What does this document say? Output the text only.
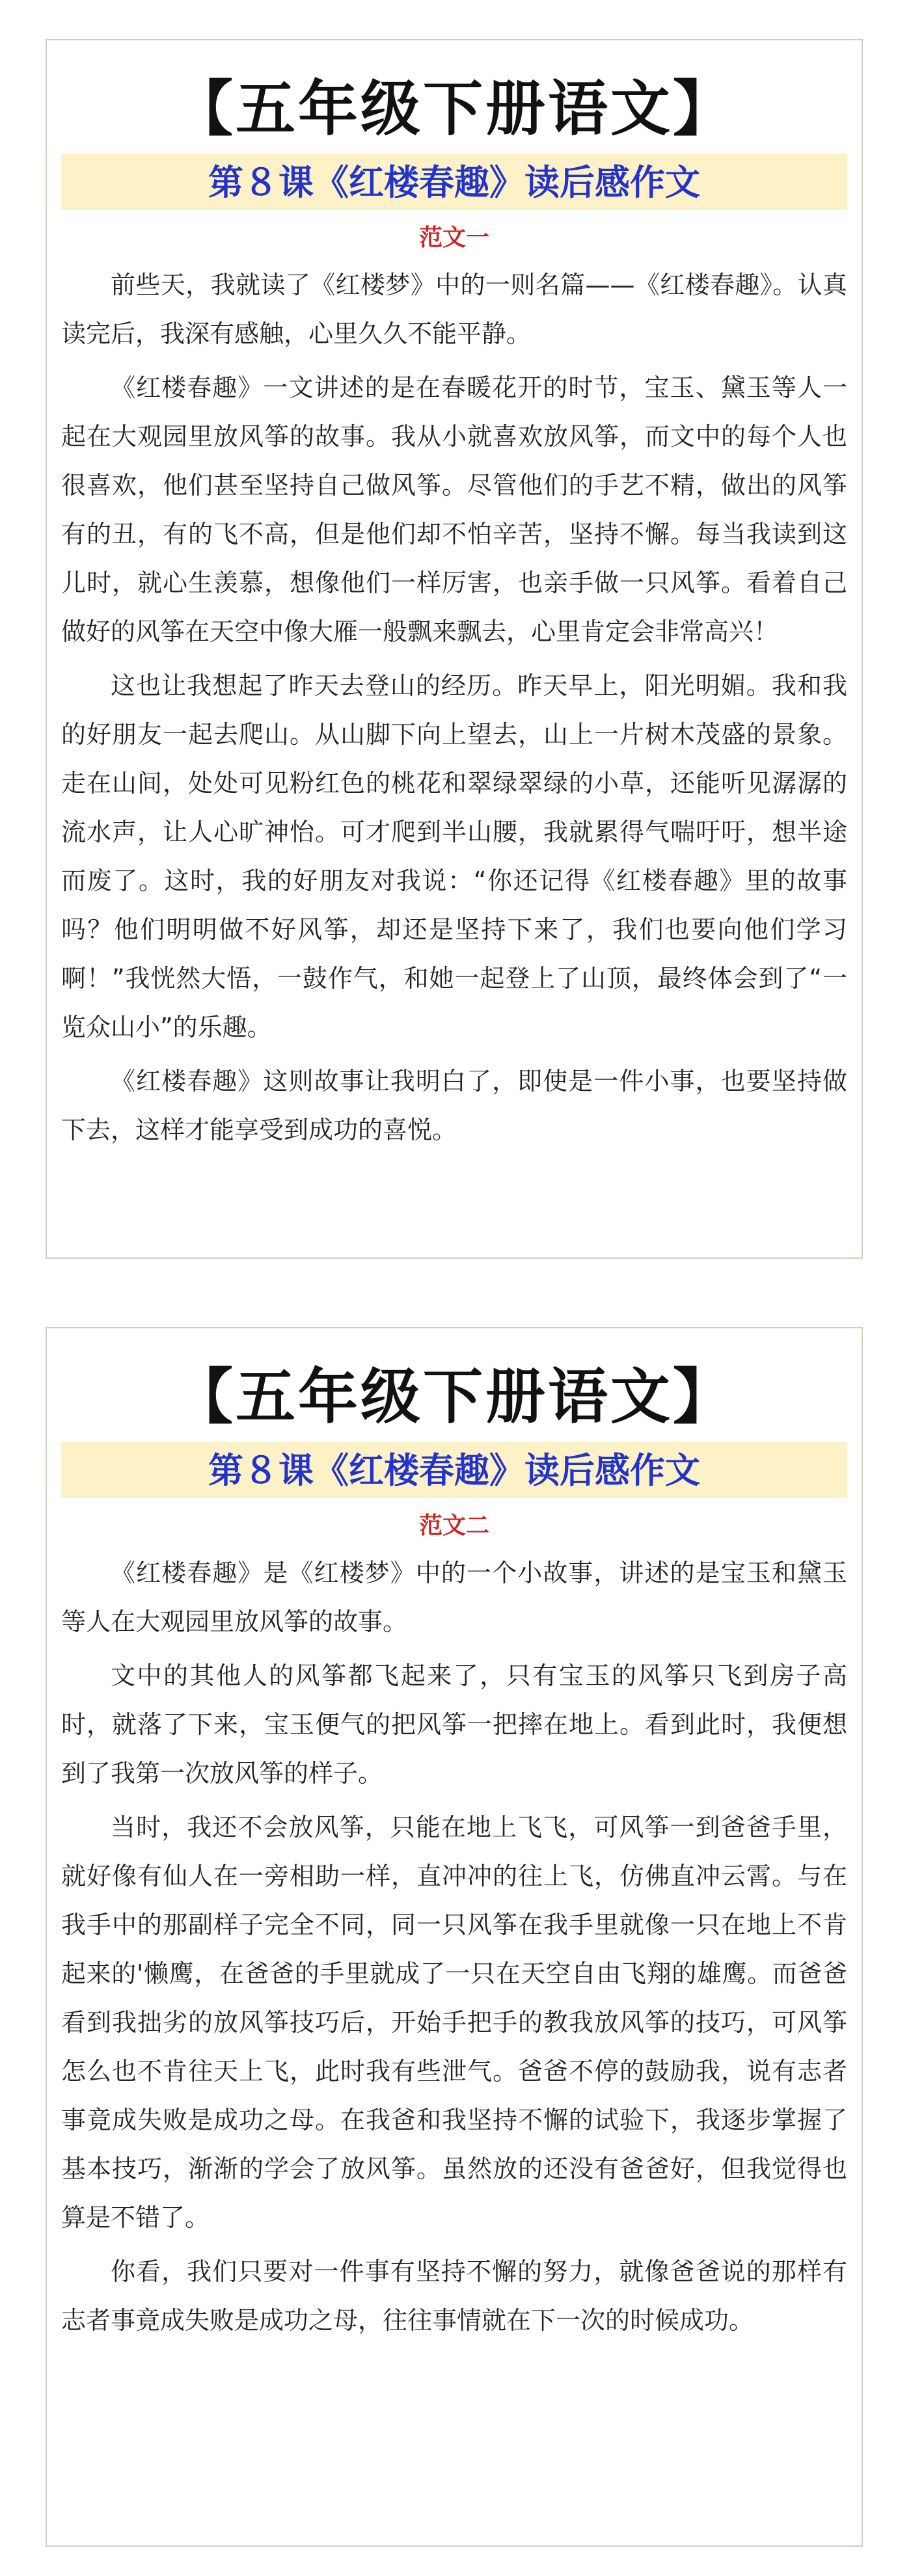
【五年级下册语文】
第８课《红楼春趣》读后感作文
范文一

前些天，我就读了《红楼梦》中的一则名篇——《红楼春趣》。认真读完后，我深有感触，心里久久不能平静。

《红楼春趣》一文讲述的是在春暖花开的时节，宝玉、黛玉等人一起在大观园里放风筝的故事。我从小就喜欢放风筝，而文中的每个人也很喜欢，他们甚至坚持自己做风筝。尽管他们的手艺不精，做出的风筝有的丑，有的飞不高，但是他们却不怕辛苦，坚持不懈。每当我读到这儿时，就心生羡慕，想像他们一样厉害，也亲手做一只风筝。看着自己做好的风筝在天空中像大雁一般飘来飘去，心里肯定会非常高兴！

这也让我想起了昨天去登山的经历。昨天早上，阳光明媚。我和我的好朋友一起去爬山。从山脚下向上望去，山上一片树木茂盛的景象。走在山间，处处可见粉红色的桃花和翠绿翠绿的小草，还能听见潺潺的流水声，让人心旷神怡。可才爬到半山腰，我就累得气喘吁吁，想半途而废了。这时，我的好朋友对我说：“你还记得《红楼春趣》里的故事吗？他们明明做不好风筝，却还是坚持下来了，我们也要向他们学习啊！”我恍然大悟，一鼓作气，和她一起登上了山顶，最终体会到了“一览众山小”的乐趣。

《红楼春趣》这则故事让我明白了，即使是一件小事，也要坚持做下去，这样才能享受到成功的喜悦。

【五年级下册语文】
第８课《红楼春趣》读后感作文
范文二

《红楼春趣》是《红楼梦》中的一个小故事，讲述的是宝玉和黛玉等人在大观园里放风筝的故事。

文中的其他人的风筝都飞起来了，只有宝玉的风筝只飞到房子高时，就落了下来，宝玉便气的把风筝一把摔在地上。看到此时，我便想到了我第一次放风筝的样子。

当时，我还不会放风筝，只能在地上飞飞，可风筝一到爸爸手里，就好像有仙人在一旁相助一样，直冲冲的往上飞，仿佛直冲云霄。与在我手中的那副样子完全不同，同一只风筝在我手里就像一只在地上不肯起来的'懒鹰，在爸爸的手里就成了一只在天空自由飞翔的雄鹰。而爸爸看到我拙劣的放风筝技巧后，开始手把手的教我放风筝的技巧，可风筝怎么也不肯往天上飞，此时我有些泄气。爸爸不停的鼓励我，说有志者事竟成失败是成功之母。在我爸和我坚持不懈的试验下，我逐步掌握了基本技巧，渐渐的学会了放风筝。虽然放的还没有爸爸好，但我觉得也算是不错了。

你看，我们只要对一件事有坚持不懈的努力，就像爸爸说的那样有志者事竟成失败是成功之母，往往事情就在下一次的时候成功。
